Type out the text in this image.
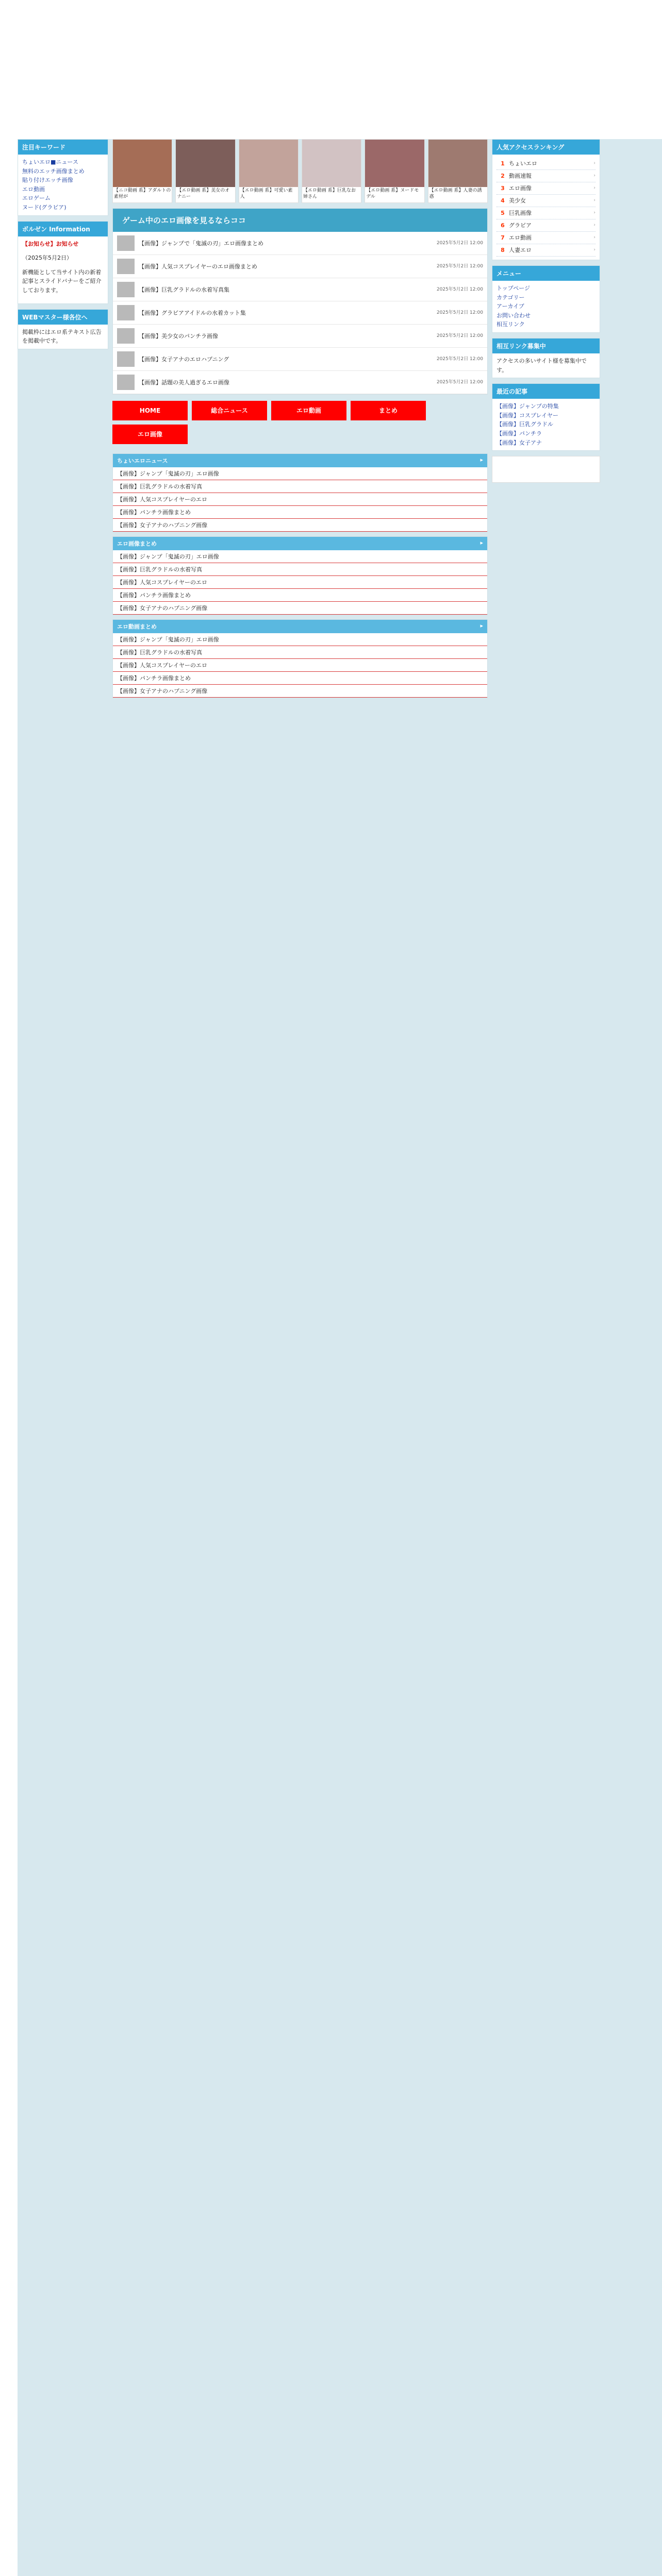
注目キーワード
ちょいエロ■ニュース
無料のエッチ画像まとめ
貼り付けエッチ画像
エロ動画
エロゲーム
ヌード(グラビア)
ボルゼン Information

【お知らせ】お知らせ

（2025年5月2日）

新機能として当サイト内の新着記事とスライドバナーをご紹介しております。

WEBマスター様各位へ
掲載枠にはエロ系テキスト広告を掲載中です。
【ニコ動画 系】アダルトの素材が
【エロ動画 系】美女のオナニー
【エロ動画 系】可愛い素人
【エロ動画 系】巨乳なお姉さん
【エロ動画 系】ヌードモデル
【エロ動画 系】人妻の誘惑
ゲーム中のエロ画像を見るならココ
【画像】ジャンプで「鬼滅の刃」エロ画像まとめ	2025年5月2日 12:00
【画像】人気コスプレイヤーのエロ画像まとめ	2025年5月2日 12:00
【画像】巨乳グラドルの水着写真集	2025年5月2日 12:00
【画像】グラビアアイドルの水着カット集	2025年5月2日 12:00
【画像】美少女のパンチラ画像	2025年5月2日 12:00
【画像】女子アナのエロハプニング	2025年5月2日 12:00
【画像】話題の美人過ぎるエロ画像	2025年5月2日 12:00
HOME	総合ニュース	エロ動画	まとめ
エロ画像
ちょいエロニュース	▸
【画像】ジャンプ「鬼滅の刃」エロ画像
【画像】巨乳グラドルの水着写真
【画像】人気コスプレイヤーのエロ
【画像】パンチラ画像まとめ
【画像】女子アナのハプニング画像
エロ画像まとめ	▸
【画像】ジャンプ「鬼滅の刃」エロ画像
【画像】巨乳グラドルの水着写真
【画像】人気コスプレイヤーのエロ
【画像】パンチラ画像まとめ
【画像】女子アナのハプニング画像
エロ動画まとめ	▸
【画像】ジャンプ「鬼滅の刃」エロ画像
【画像】巨乳グラドルの水着写真
【画像】人気コスプレイヤーのエロ
【画像】パンチラ画像まとめ
【画像】女子アナのハプニング画像
人気アクセスランキング
1 ちょいエロ	›
2 動画速報	›
3 エロ画像	›
4 美少女	›
5 巨乳画像	›
6 グラビア	›
7 エロ動画	›
8 人妻エロ	›
メニュー
トップページ
カテゴリー
アーカイブ
お問い合わせ
相互リンク
相互リンク募集中
アクセスの多いサイト様を募集中です。
最近の記事
【画像】ジャンプの特集
【画像】コスプレイヤー
【画像】巨乳グラドル
【画像】パンチラ
【画像】女子アナ
